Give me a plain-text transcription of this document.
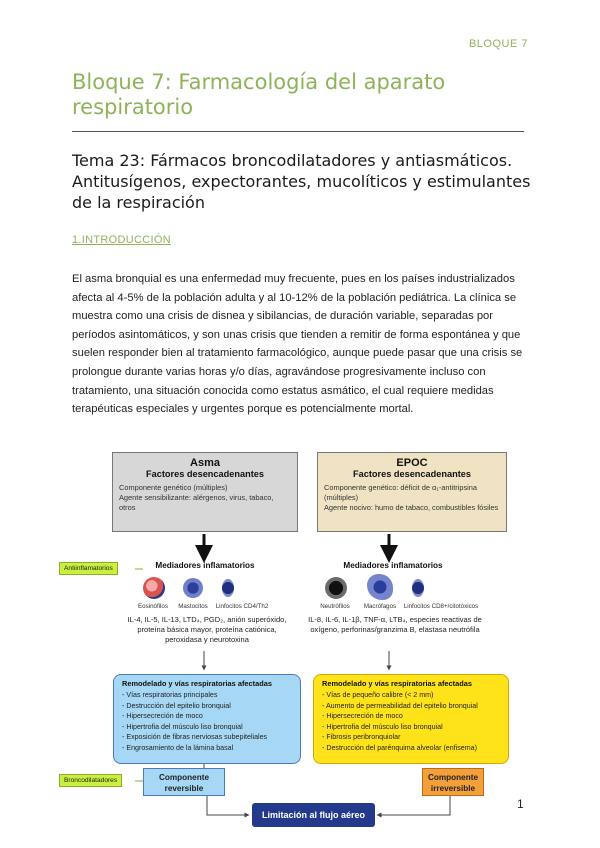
BLOQUE 7
Bloque 7: Farmacología del aparato respiratorio
Tema 23: Fármacos broncodilatadores y antiasmáticos. Antitusígenos, expectorantes, mucolíticos y estimulantes de la respiración
1.INTRODUCCIÓN
El asma bronquial es una enfermedad muy frecuente, pues en los países industrializados afecta al 4-5% de la población adulta y al 10-12% de la población pediátrica. La clínica se muestra como una crisis de disnea y sibilancias, de duración variable, separadas por períodos asintomáticos, y son unas crisis que tienden a remitir de forma espontánea y que suelen responder bien al tratamiento farmacológico, aunque puede pasar que una crisis se prolongue durante varias horas y/o días, agravándose progresivamente incluso con tratamiento, una situación conocida como estatus asmático, el cual requiere medidas terapéuticas especiales y urgentes porque es potencialmente mortal.
Asma
Factores desencadenantes
Componente genético (múltiples)
Agente sensibilizante: alérgenos, virus, tabaco, otros
EPOC
Factores desencadenantes
Componente genético: déficit de α₁-antitripsina (múltiples)
Agente nocivo: humo de tabaco, combustibles fósiles
Antiinflamatorios	Mediadores inflamatorios
Eosinófilos	Mastocitos	Linfocitos CD4/Th2
IL-4, IL-5, IL-13, LTD₄, PGD₂, anión superóxido, proteína básica mayor, proteína catiónica, peroxidasa y neurotoxina
Mediadores inflamatorios
Neutrófilos	Macrófagos	Linfocitos CD8+/citotóxicos
IL-8, IL-6, IL-1β, TNF-α, LTB₄, especies reactivas de oxígeno, perforinas/granzima B, elastasa neutrófila
Remodelado y vías respiratorias afectadas
- Vías respiratorias principales
- Destrucción del epitelio bronquial
- Hipersecreción de moco
- Hipertrofia del músculo liso bronquial
- Exposición de fibras nerviosas subepiteliales
- Engrosamiento de la lámina basal
Remodelado y vías respiratorias afectadas
- Vías de pequeño calibre (< 2 mm)
- Aumento de permeabilidad del epitelio bronquial
- Hipersecreción de moco
- Hipertrofia del músculo liso bronquial
- Fibrosis peribronquiolar
- Destrucción del parénquima alveolar (enfisema)
Broncodilatadores	Componente reversible
Componente irreversible
Limitación al flujo aéreo
1
